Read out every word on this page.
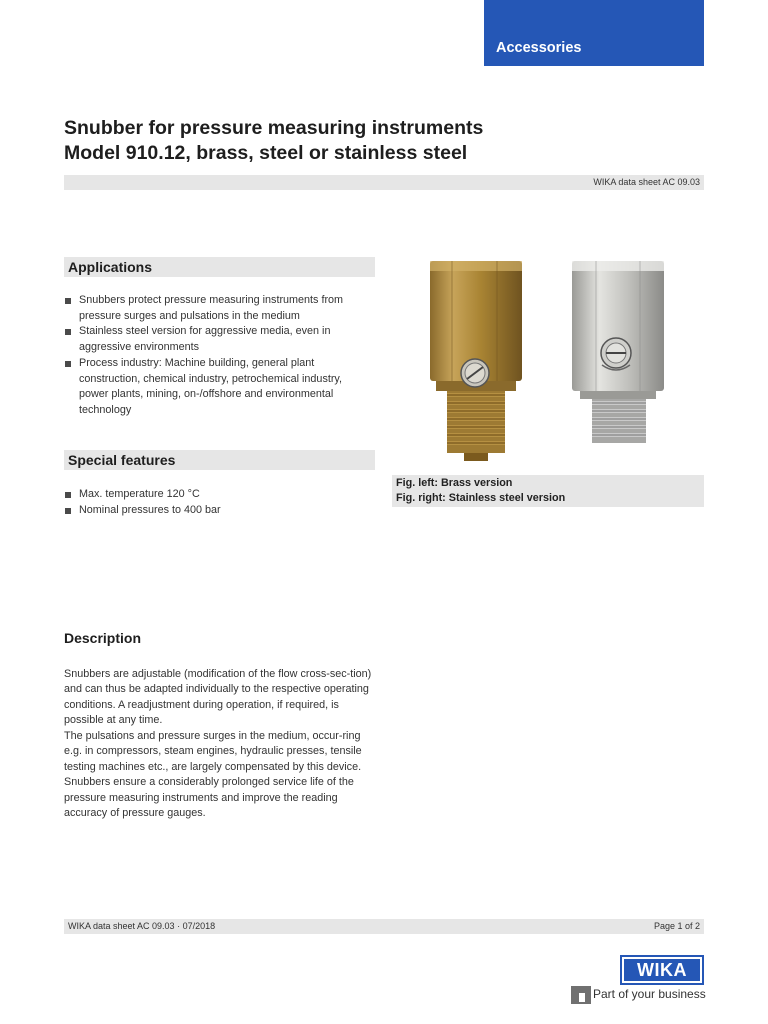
Accessories
Snubber for pressure measuring instruments
Model 910.12, brass, steel or stainless steel
WIKA data sheet AC 09.03
Applications
Snubbers protect pressure measuring instruments from pressure surges and pulsations in the medium
Stainless steel version for aggressive media, even in aggressive environments
Process industry: Machine building, general plant construction, chemical industry, petrochemical industry, power plants, mining, on-/offshore and environmental technology
Special features
Max. temperature 120 °C
Nominal pressures to 400 bar
Fig. left: Brass version
Fig. right: Stainless steel version
Description
Snubbers are adjustable (modification of the flow cross-sec-tion) and can thus be adapted individually to the respective operating conditions. A readjustment during operation, if required, is possible at any time.
The pulsations and pressure surges in the medium, occur-ring e.g. in compressors, steam engines, hydraulic presses, tensile testing machines etc., are largely compensated by this device. Snubbers ensure a considerably prolonged service life of the pressure measuring instruments and improve the reading accuracy of pressure gauges.
WIKA data sheet AC 09.03 · 07/2018	Page 1 of 2
WIKA
Part of your business
